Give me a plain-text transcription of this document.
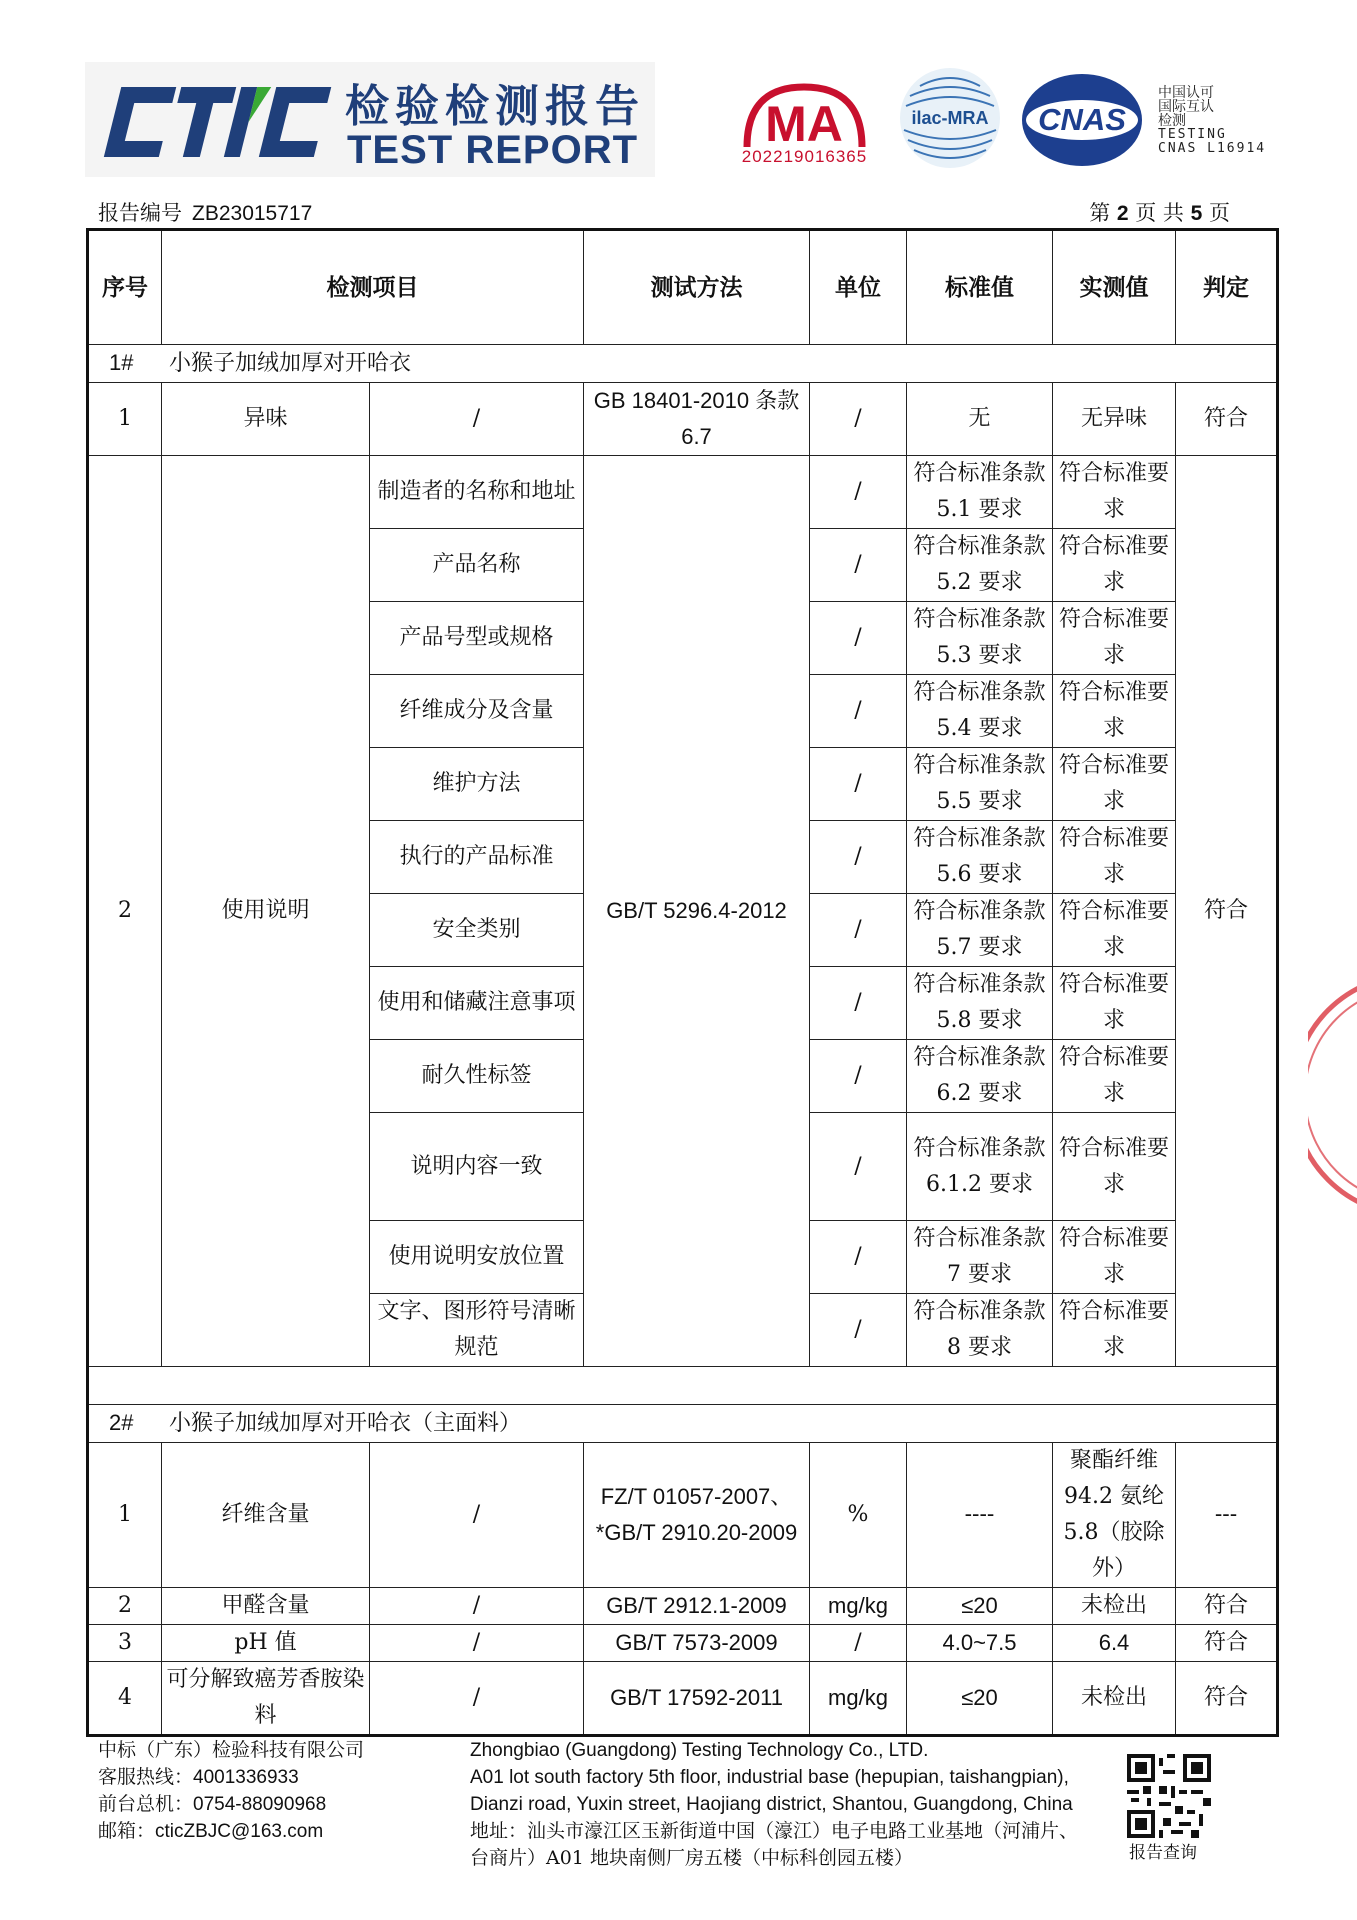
检验检测报告
TEST REPORT	MA
202219016365
ilac-MRA CNAS
中国认可
国际互认
检测
TESTING
CNAS L16914
报告编号 ZB23015717	第 2 页 共 5 页
序号	检测项目		测试方法	单位	标准值	实测值	判定
1# 小猴子加绒加厚对开哈衣							
1	异味	/	GB 18401-2010 条款 6.7	/	无	无异味	符合
2	使用说明	制造者的名称和地址	GB/T 5296.4-2012	/	符合标准条款 5.1 要求	符合标准要求	符合
		产品名称		/	符合标准条款 5.2 要求	符合标准要求	
		产品号型或规格		/	符合标准条款 5.3 要求	符合标准要求	
		纤维成分及含量		/	符合标准条款 5.4 要求	符合标准要求	
		维护方法		/	符合标准条款 5.5 要求	符合标准要求	
		执行的产品标准		/	符合标准条款 5.6 要求	符合标准要求	
		安全类别		/	符合标准条款 5.7 要求	符合标准要求	
		使用和储藏注意事项		/	符合标准条款 5.8 要求	符合标准要求	
		耐久性标签		/	符合标准条款 6.2 要求	符合标准要求	
		说明内容一致		/	符合标准条款 6.1.2 要求	符合标准要求	
		使用说明安放位置		/	符合标准条款 7 要求	符合标准要求	
		文字、图形符号清晰规范		/	符合标准条款 8 要求	符合标准要求	

2# 小猴子加绒加厚对开哈衣（主面料）							
1	纤维含量	/	FZ/T 01057-2007、*GB/T 2910.20-2009	%	----	聚酯纤维 94.2 氨纶 5.8（胶除外）	---
2	甲醛含量	/	GB/T 2912.1-2009	mg/kg	≤20	未检出	符合
3	pH 值	/	GB/T 7573-2009	/	4.0~7.5	6.4	符合
4	可分解致癌芳香胺染料	/	GB/T 17592-2011	mg/kg	≤20	未检出	符合
中标（广东）检验科技有限公司
客服热线：4001336933
前台总机：0754-88090968
邮箱：cticZBJC@163.com
Zhongbiao (Guangdong) Testing Technology Co., LTD.
A01 lot south factory 5th floor, industrial base (hepupian, taishangpian),
Dianzi road, Yuxin street, Haojiang district, Shantou, Guangdong, China
地址：汕头市濠江区玉新街道中国（濠江）电子电路工业基地（河浦片、
台商片）A01 地块南侧厂房五楼（中标科创园五楼）	报告查询
